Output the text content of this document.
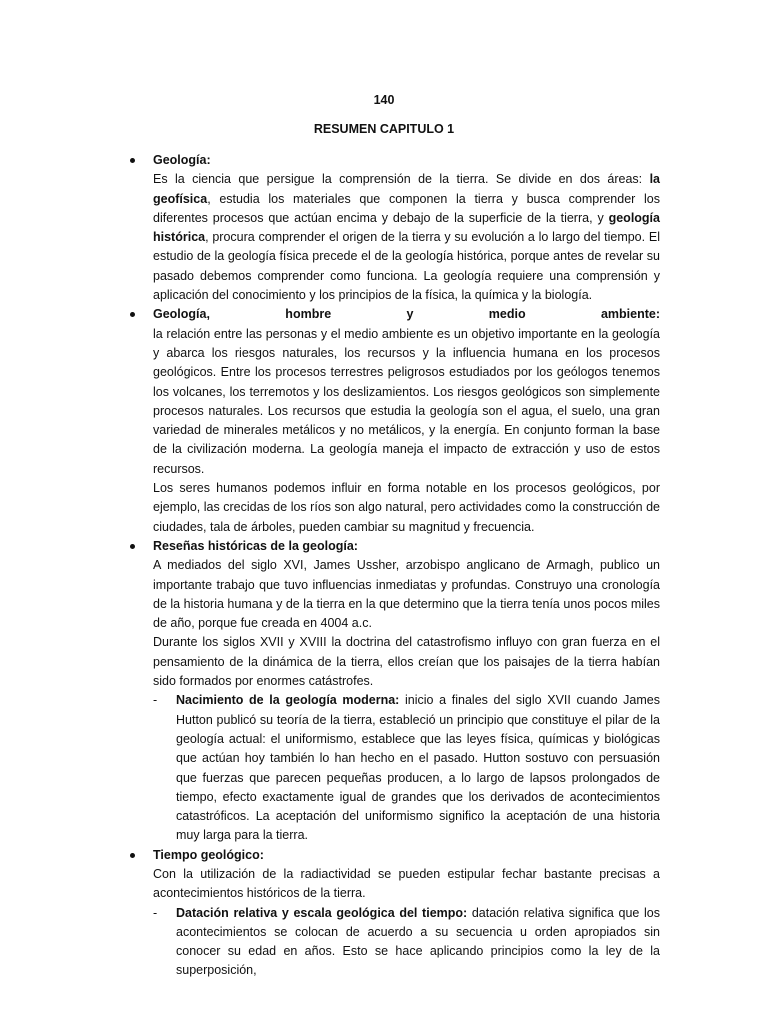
140
RESUMEN CAPITULO 1

Geología:

Es la ciencia que persigue la comprensión de la tierra. Se divide en dos áreas: la geofísica, estudia los materiales que componen la tierra y busca comprender los diferentes procesos que actúan encima y debajo de la superficie de la tierra, y geología histórica, procura comprender el origen de la tierra y su evolución a lo largo del tiempo. El estudio de la geología física precede el de la geología histórica, porque antes de revelar su pasado debemos comprender como funciona. La geología requiere una comprensión y aplicación del conocimiento y los principios de la física, la química y la biología.

Geología, hombre y medio ambiente:

la relación entre las personas y el medio ambiente es un objetivo importante en la geología y abarca los riesgos naturales, los recursos y la influencia humana en los procesos geológicos. Entre los procesos terrestres peligrosos estudiados por los geólogos tenemos los volcanes, los terremotos y los deslizamientos. Los riesgos geológicos son simplemente procesos naturales. Los recursos que estudia la geología son el agua, el suelo, una gran variedad de minerales metálicos y no metálicos, y la energía. En conjunto forman la base de la civilización moderna. La geología maneja el impacto de extracción y uso de estos recursos.

Los seres humanos podemos influir en forma notable en los procesos geológicos, por ejemplo, las crecidas de los ríos son algo natural, pero actividades como la construcción de ciudades, tala de árboles, pueden cambiar su magnitud y frecuencia.

Reseñas históricas de la geología:

A mediados del siglo XVI, James Ussher, arzobispo anglicano de Armagh, publico un importante trabajo que tuvo influencias inmediatas y profundas. Construyo una cronología de la historia humana y de la tierra en la que determino que la tierra tenía unos pocos miles de año, porque fue creada en 4004 a.c.

Durante los siglos XVII y XVIII la doctrina del catastrofismo influyo con gran fuerza en el pensamiento de la dinámica de la tierra, ellos creían que los paisajes de la tierra habían sido formados por enormes catástrofes.

- Nacimiento de la geología moderna: inicio a finales del siglo XVII cuando James Hutton publicó su teoría de la tierra, estableció un principio que constituye el pilar de la geología actual: el uniformismo, establece que las leyes física, químicas y biológicas que actúan hoy también lo han hecho en el pasado. Hutton sostuvo con persuasión que fuerzas que parecen pequeñas producen, a lo largo de lapsos prolongados de tiempo, efecto exactamente igual de grandes que los derivados de acontecimientos catastróficos. La aceptación del uniformismo significo la aceptación de una historia muy larga para la tierra.

Tiempo geológico:

Con la utilización de la radiactividad se pueden estipular fechar bastante precisas a acontecimientos históricos de la tierra.

- Datación relativa y escala geológica del tiempo: datación relativa significa que los acontecimientos se colocan de acuerdo a su secuencia u orden apropiados sin conocer su edad en años. Esto se hace aplicando principios como la ley de la superposición,
